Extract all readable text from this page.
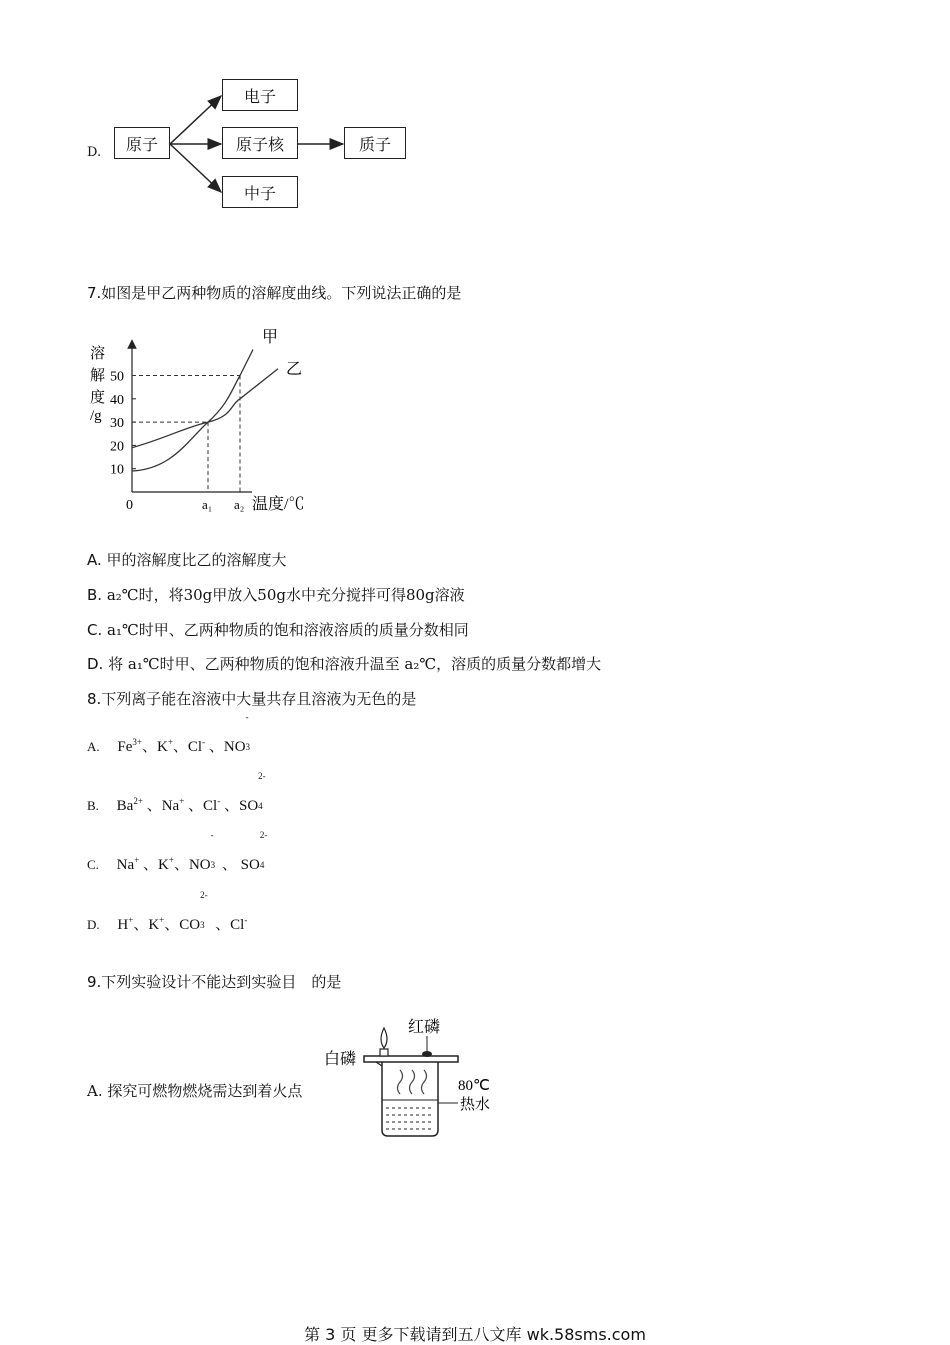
D.	原子
电子
原子核
中子
质子
7.如图是甲乙两种物质的溶解度曲线。下列说法正确的是
溶
解
度
/g
10
20
30
40
50
甲
乙
0	a₁ a₂ 温度/℃
A. 甲的溶解度比乙的溶解度大
B. a₂℃时，将30g甲放入50g水中充分搅拌可得80g溶液
C. a₁℃时甲、乙两种物质的饱和溶液溶质的质量分数相同
D. 将 a₁℃时甲、乙两种物质的饱和溶液升温至 a₂℃，溶质的质量分数都增大
8.下列离子能在溶液中大量共存且溶液为无色的是
A. $Fe^{3+}$、K+、Cl- 、NO
-
3
B. $Ba^{2+}$ 、Na+ 、Cl- 、SO
2-
4
C. Na+ 、K+、NO
-
3 、 SO
2-
4
D. H+、K+、CO
2-
3 、Cl-
9.下列实验设计不能达到实验目　的是
A. 探究可燃物燃烧需达到着火点
红磷
白磷
80℃
热水
第 3 页 更多下载请到五八文库 wk.58sms.com
